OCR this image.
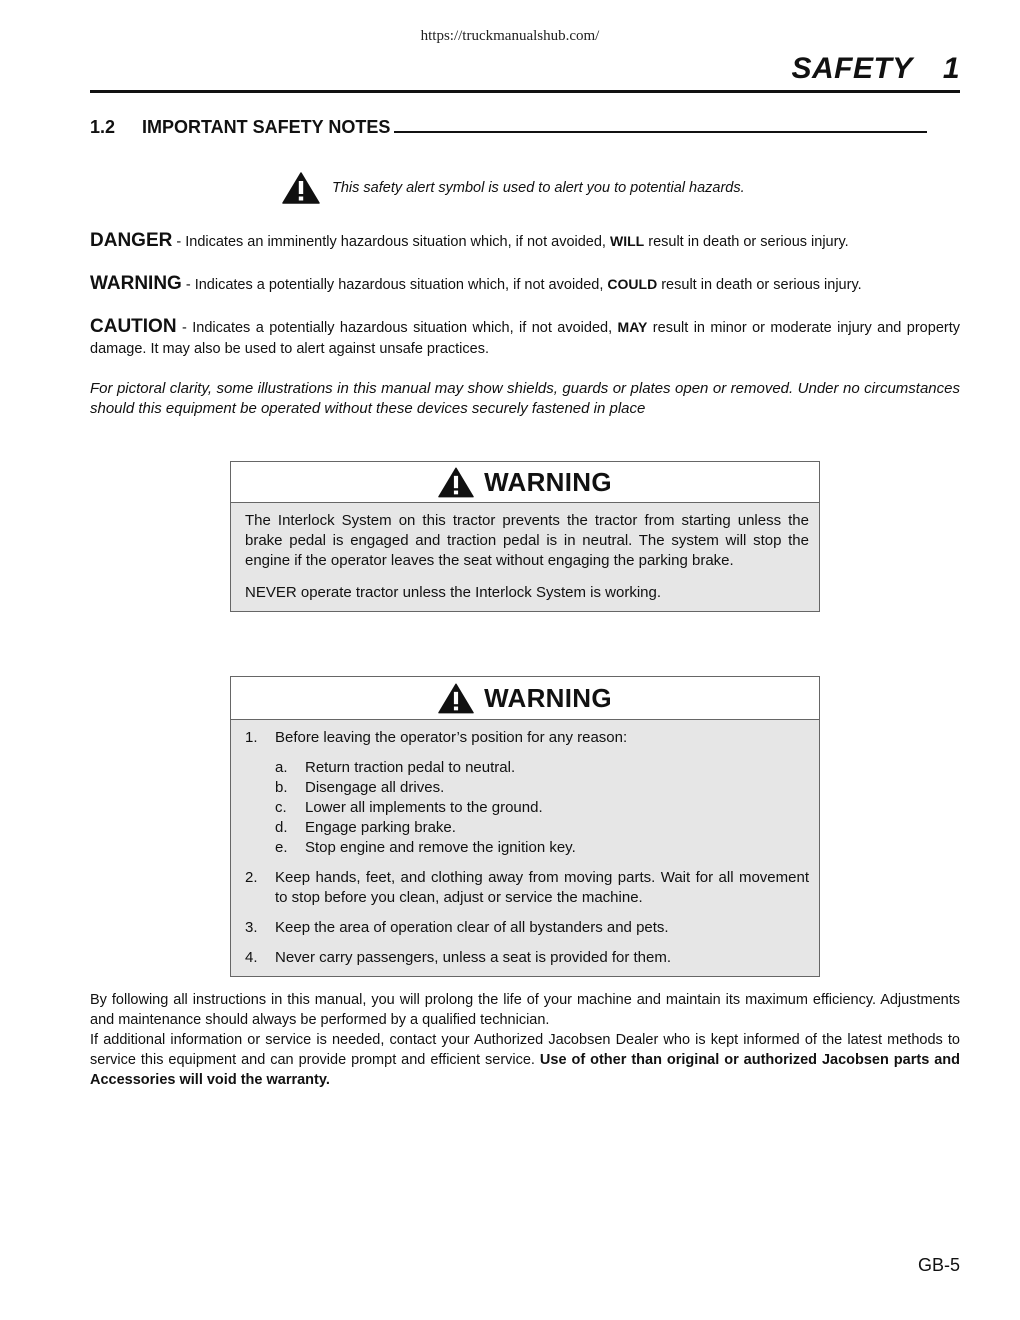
https://truckmanualshub.com/
SAFETY 1
1.2 IMPORTANT SAFETY NOTES
This safety alert symbol is used to alert you to potential hazards.
DANGER - Indicates an imminently hazardous situation which, if not avoided, WILL result in death or serious injury.
WARNING - Indicates a potentially hazardous situation which, if not avoided, COULD result in death or serious injury.
CAUTION - Indicates a potentially hazardous situation which, if not avoided, MAY result in minor or moderate injury and property damage. It may also be used to alert against unsafe practices.
For pictoral clarity, some illustrations in this manual may show shields, guards or plates open or removed. Under no circumstances should this equipment be operated without these devices securely fastened in place
WARNING

The Interlock System on this tractor prevents the tractor from starting unless the brake pedal is engaged and traction pedal is in neutral. The system will stop the engine if the operator leaves the seat without engaging the parking brake.

NEVER operate tractor unless the Interlock System is working.

WARNING
1.	Before leaving the operator’s position for any reason:
a.	Return traction pedal to neutral.
b.	Disengage all drives.
c.	Lower all implements to the ground.
d.	Engage parking brake.
e.	Stop engine and remove the ignition key.
2.	Keep hands, feet, and clothing away from moving parts. Wait for all movement to stop before you clean, adjust or service the machine.
3.	Keep the area of operation clear of all bystanders and pets.
4.	Never carry passengers, unless a seat is provided for them.

By following all instructions in this manual, you will prolong the life of your machine and maintain its maximum efficiency. Adjustments and maintenance should always be performed by a qualified technician.

If additional information or service is needed, contact your Authorized Jacobsen Dealer who is kept informed of the latest methods to service this equipment and can provide prompt and efficient service. Use of other than original or authorized Jacobsen parts and Accessories will void the warranty.

GB-5
